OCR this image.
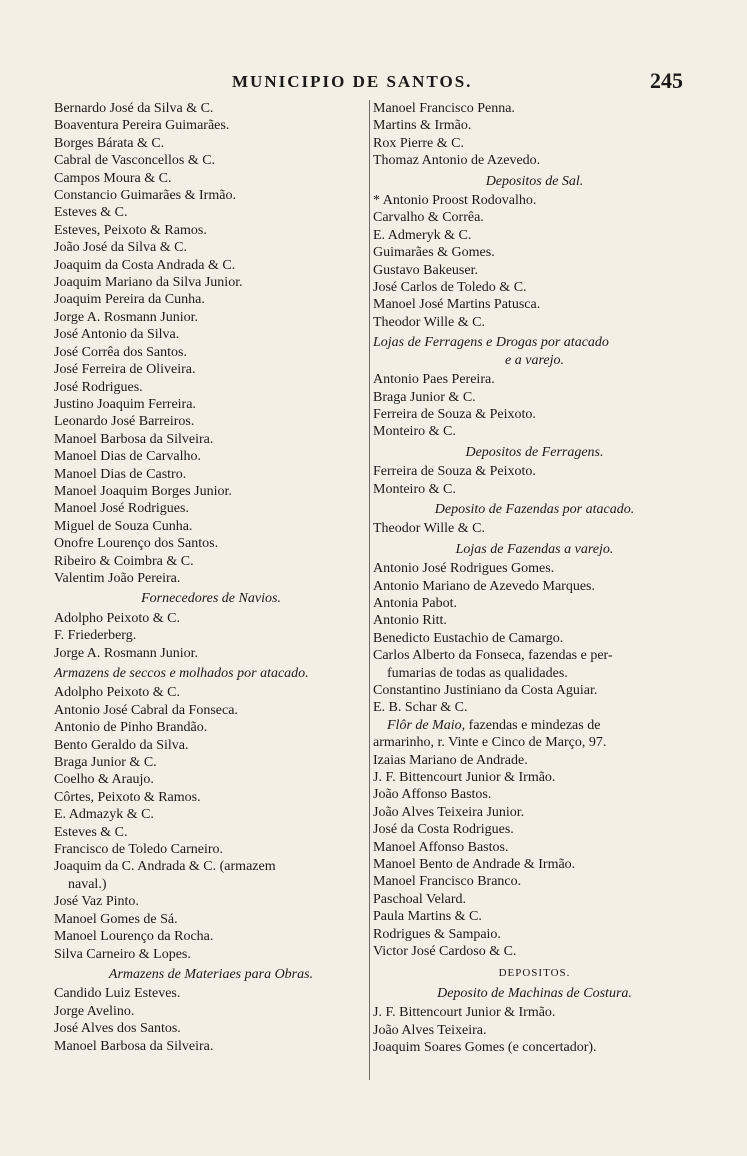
MUNICIPIO DE SANTOS.	245
Bernardo José da Silva & C.
Boaventura Pereira Guimarães.
Borges Bárata & C.
Cabral de Vasconcellos & C.
Campos Moura & C.
Constancio Guimarães & Irmão.
Esteves & C.
Esteves, Peixoto & Ramos.
João José da Silva & C.
Joaquim da Costa Andrada & C.
Joaquim Mariano da Silva Junior.
Joaquim Pereira da Cunha.
Jorge A. Rosmann Junior.
José Antonio da Silva.
José Corrêa dos Santos.
José Ferreira de Oliveira.
José Rodrigues.
Justino Joaquim Ferreira.
Leonardo José Barreiros.
Manoel Barbosa da Silveira.
Manoel Dias de Carvalho.
Manoel Dias de Castro.
Manoel Joaquim Borges Junior.
Manoel José Rodrigues.
Miguel de Souza Cunha.
Onofre Lourenço dos Santos.
Ribeiro & Coimbra & C.
Valentim João Pereira.
Fornecedores de Navios.
Adolpho Peixoto & C.
F. Friederberg.
Jorge A. Rosmann Junior.
Armazens de seccos e molhados por atacado.
Adolpho Peixoto & C.
Antonio José Cabral da Fonseca.
Antonio de Pinho Brandão.
Bento Geraldo da Silva.
Braga Junior & C.
Coelho & Araujo.
Côrtes, Peixoto & Ramos.
E. Admazyk & C.
Esteves & C.
Francisco de Toledo Carneiro.
Joaquim da C. Andrada & C. (armazem
naval.)
José Vaz Pinto.
Manoel Gomes de Sá.
Manoel Lourenço da Rocha.
Silva Carneiro & Lopes.
Armazens de Materiaes para Obras.
Candido Luiz Esteves.
Jorge Avelino.
José Alves dos Santos.
Manoel Barbosa da Silveira.
Manoel Francisco Penna.
Martins & Irmão.
Rox Pierre & C.
Thomaz Antonio de Azevedo.
Depositos de Sal.
* Antonio Proost Rodovalho.
Carvalho & Corrêa.
E. Admeryk & C.
Guimarães & Gomes.
Gustavo Bakeuser.
José Carlos de Toledo & C.
Manoel José Martins Patusca.
Theodor Wille & C.
Lojas de Ferragens e Drogas por atacado
e a varejo.
Antonio Paes Pereira.
Braga Junior & C.
Ferreira de Souza & Peixoto.
Monteiro & C.
Depositos de Ferragens.
Ferreira de Souza & Peixoto.
Monteiro & C.
Deposito de Fazendas por atacado.
Theodor Wille & C.
Lojas de Fazendas a varejo.
Antonio José Rodrigues Gomes.
Antonio Mariano de Azevedo Marques.
Antonia Pabot.
Antonio Ritt.
Benedicto Eustachio de Camargo.
Carlos Alberto da Fonseca, fazendas e per-
fumarias de todas as qualidades.
Constantino Justiniano da Costa Aguiar.
E. B. Schar & C.
Flôr de Maio, fazendas e mindezas de
armarinho, r. Vinte e Cinco de Março, 97.
Izaias Mariano de Andrade.
J. F. Bittencourt Junior & Irmão.
João Affonso Bastos.
João Alves Teixeira Junior.
José da Costa Rodrigues.
Manoel Affonso Bastos.
Manoel Bento de Andrade & Irmão.
Manoel Francisco Branco.
Paschoal Velard.
Paula Martins & C.
Rodrigues & Sampaio.
Victor José Cardoso & C.
DEPOSITOS.
Deposito de Machinas de Costura.
J. F. Bittencourt Junior & Irmão.
João Alves Teixeira.
Joaquim Soares Gomes (e concertador).
